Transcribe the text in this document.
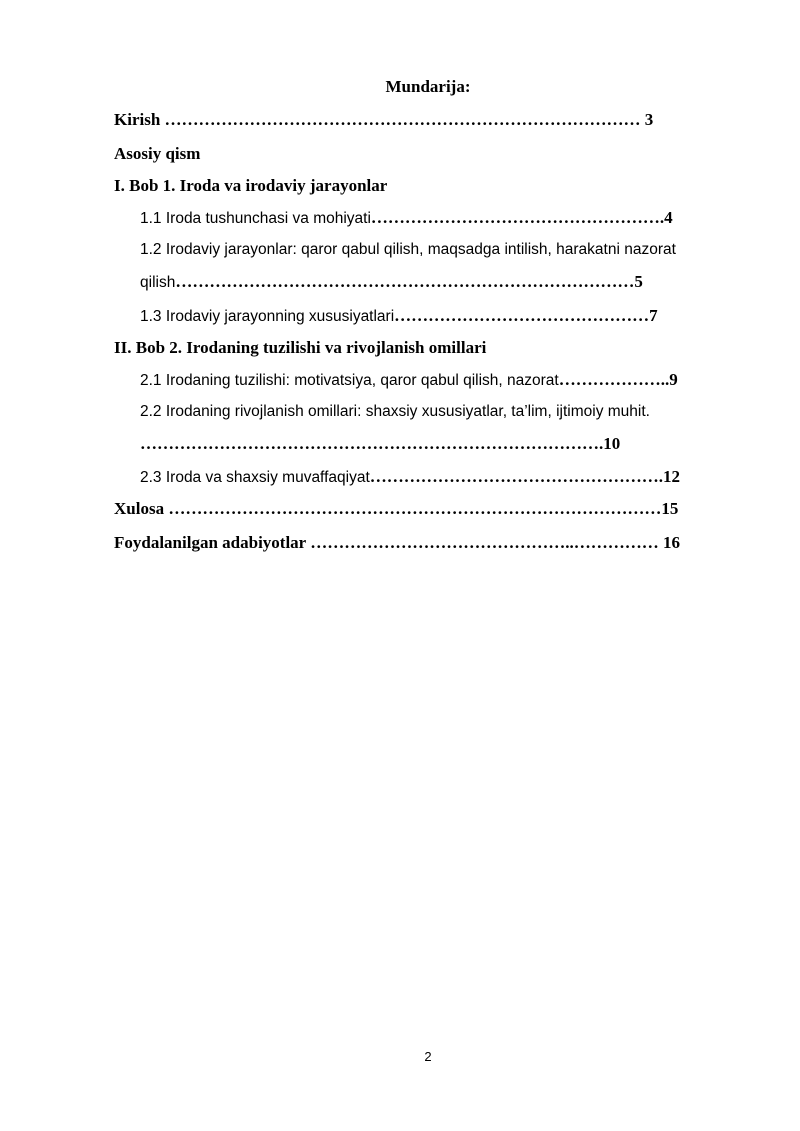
Mundarija:
Kirish ………………………………………………………………………… 3
Asosiy qism
I. Bob 1. Iroda va irodaviy jarayonlar
1.1 Iroda tushunchasi va mohiyati…………………………………………….4
1.2 Irodaviy jarayonlar: qaror qabul qilish, maqsadga intilish, harakatni nazorat
qilish………………………………………………………………………5
1.3 Irodaviy jarayonning xususiyatlari………………………………………7
II. Bob 2. Irodaning tuzilishi va rivojlanish omillari
2.1 Irodaning tuzilishi: motivatsiya, qaror qabul qilish, nazorat………………..9
2.2 Irodaning rivojlanish omillari: shaxsiy xususiyatlar, ta’lim, ijtimoiy muhit.
……………………………………………………………………….10
2.3 Iroda va shaxsiy muvaffaqiyat…………………………………………….12
Xulosa ……………………………………………………………………………15
Foydalanilgan adabiyotlar ………………………………………..…………… 16
2
